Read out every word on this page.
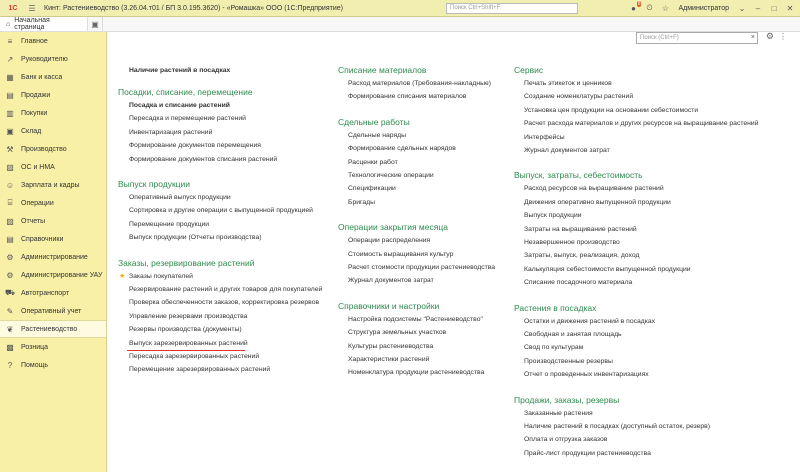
1С	☰	Кинт: Растениеводство (3.26.04.т01 / БП 3.0.195.3620) - «Ромашка» ООО (1С:Предприятие)	Поиск Ctrl+Shift+F	● 8 ⏲	☆	Администратор	⌄	–	□	✕
⌂ Начальная страница	▣
≡	Главное
↗ Руководителю
▦ Банк и касса
▤ Продажи
▥ Покупки
▣ Склад
⚒ Производство
▧ ОС и НМА
☺ Зарплата и кадры
⌸	Операции
▨ Отчеты
▤ Справочники
⚙ Администрирование
⚙ Администрирование УАУ
⛟ Автотранспорт
✎ Оперативный учет
❦ Растениеводство
▩ Розница
?	Помощь
Поиск (Ctrl+F)	× ⚙ ⋮
Наличие растений в посадках
Посадки, списание, перемещение
Посадка и списание растений
Пересадка и перемещение растений
Инвентаризация растений
Формирование документов перемещения
Формирование документов списания растений
Выпуск продукции
Оперативный выпуск продукции
Сортировка и другие операции с выпущенной продукцией
Перемещение продукции
Выпуск продукции (Отчеты производства)
Заказы, резервирование растений
Заказы покупателей
★
Резервирование растений и других товаров для покупателей
Проверка обеспеченности заказов, корректировка резервов
Управление резервами производства
Резервы производства (документы)
Выпуск зарезервированных растений
Пересадка зарезервированных растений
Перемещение зарезервированных растений
Списание материалов
Расход материалов (Требования-накладные)
Формирование списания материалов
Сдельные работы
Сдельные наряды
Формирование сдельных нарядов
Расценки работ
Технологические операции
Спецификации
Бригады
Операции закрытия месяца
Операции распределения
Стоимость выращивания культур
Расчет стоимости продукции растениеводства
Журнал документов затрат
Справочники и настройки
Настройка подсистемы "Растениеводство"
Структура земельных участков
Культуры растениеводства
Характеристики растений
Номенклатура продукции растениеводства
Сервис
Печать этикеток и ценников
Создание номенклатуры растений
Установка цен продукции на основании себестоимости
Расчет расхода материалов и других ресурсов на выращивание растений
Интерфейсы
Журнал документов затрат
Выпуск, затраты, себестоимость
Расход ресурсов на выращивание растений
Движения оперативно выпущенной продукции
Выпуск продукции
Затраты на выращивание растений
Незавершенное производство
Затраты, выпуск, реализация, доход
Калькуляция себестоимости выпущенной продукции
Списание посадочного материала
Растения в посадках
Остатки и движения растений в посадках
Свободная и занятая площадь
Свод по культурам
Производственные резервы
Отчет о проведенных инвентаризациях
Продажи, заказы, резервы
Заказанные растения
Наличие растений в посадках (доступный остаток, резерв)
Оплата и отгрузка заказов
Прайс-лист продукции растениеводства
